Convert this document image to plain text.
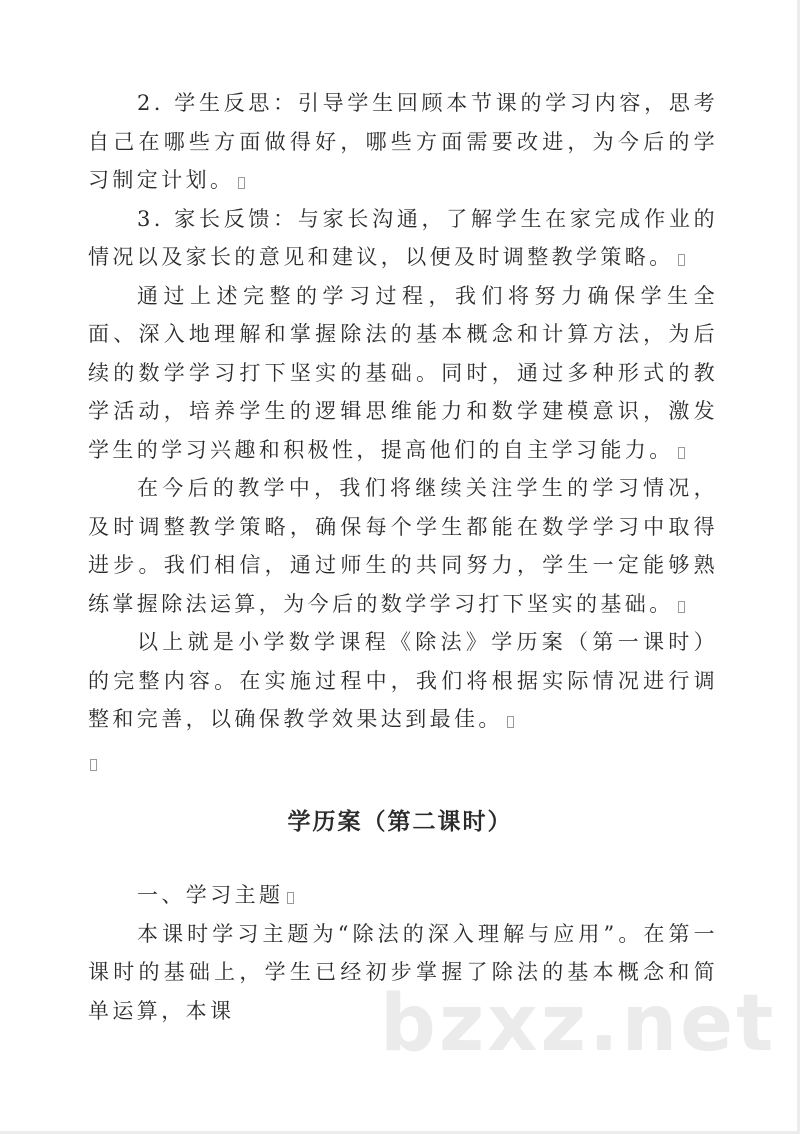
2. 学生反思：引导学生回顾本节课的学习内容，思考自己在哪些方面做得好，哪些方面需要改进，为今后的学习制定计划。

3. 家长反馈：与家长沟通，了解学生在家完成作业的情况以及家长的意见和建议，以便及时调整教学策略。

通过上述完整的学习过程，我们将努力确保学生全面、深入地理解和掌握除法的基本概念和计算方法，为后续的数学学习打下坚实的基础。同时，通过多种形式的教学活动，培养学生的逻辑思维能力和数学建模意识，激发学生的学习兴趣和积极性，提高他们的自主学习能力。

在今后的教学中，我们将继续关注学生的学习情况，及时调整教学策略，确保每个学生都能在数学学习中取得进步。我们相信，通过师生的共同努力，学生一定能够熟练掌握除法运算，为今后的数学学习打下坚实的基础。

以上就是小学数学课程《除法》学历案（第一课时）的完整内容。在实施过程中，我们将根据实际情况进行调整和完善，以确保教学效果达到最佳。

学历案（第二课时）

一、学习主题

本课时学习主题为“除法的深入理解与应用”。在第一课时的基础上，学生已经初步掌握了除法的基本概念和简单运算，本课	bzxz.net
